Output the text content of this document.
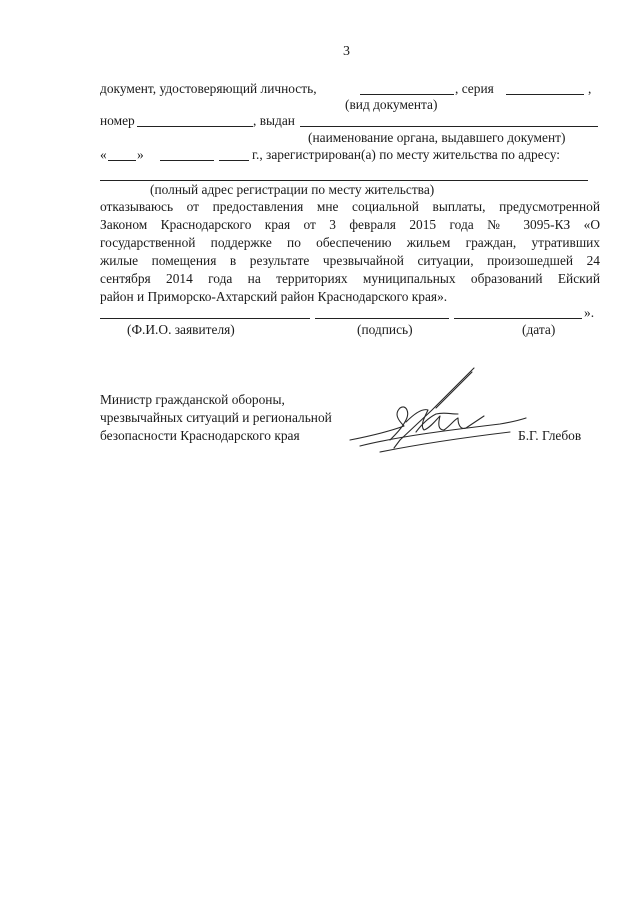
3
документ, удостоверяющий личность,	, серия	,
(вид документа)
номер	, выдан
(наименование органа, выдавшего документ)
« »	г., зарегистрирован(а) по месту жительства по адресу:
(полный адрес регистрации по месту жительства)
отказываюсь от предоставления мне социальной выплаты, предусмотренной
Законом Краснодарского края от 3 февраля 2015 года № 3095-КЗ «О
государственной поддержке по обеспечению жильем граждан, утративших
жилые помещения в результате чрезвычайной ситуации, произошедшей 24
сентября 2014 года на территориях муниципальных образований Ейский
район и Приморско-Ахтарский район Краснодарского края».
».
(Ф.И.О. заявителя)	(подпись)	(дата)
Министр гражданской обороны,
чрезвычайных ситуаций и региональной
безопасности Краснодарского края	Б.Г. Глебов
